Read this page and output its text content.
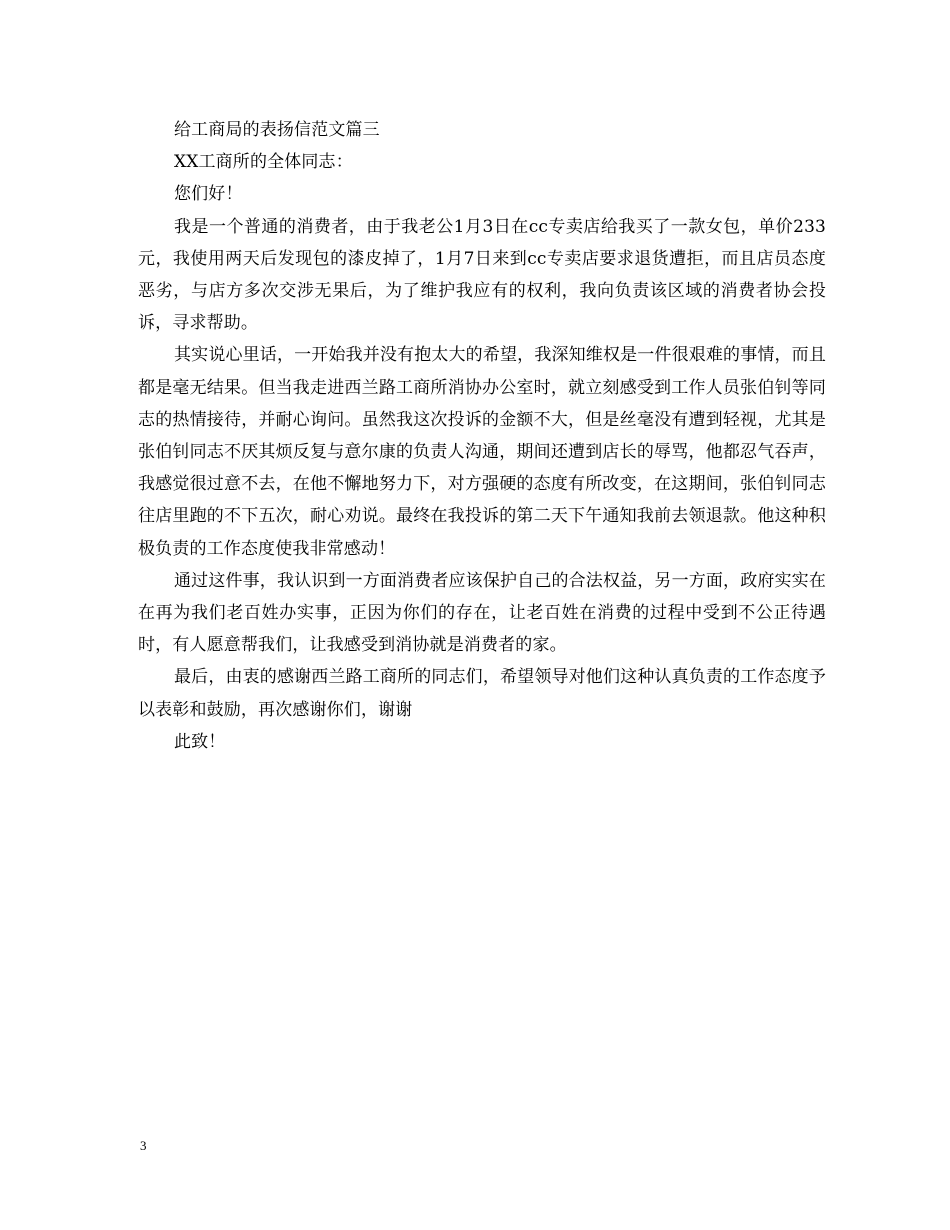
给工商局的表扬信范文篇三

XX工商所的全体同志：

您们好！

我是一个普通的消费者，由于我老公1月3日在cc专卖店给我买了一款女包，单价233元，我使用两天后发现包的漆皮掉了，1月7日来到cc专卖店要求退货遭拒，而且店员态度恶劣，与店方多次交涉无果后，为了维护我应有的权利，我向负责该区域的消费者协会投诉，寻求帮助。

其实说心里话，一开始我并没有抱太大的希望，我深知维权是一件很艰难的事情，而且都是毫无结果。但当我走进西兰路工商所消协办公室时，就立刻感受到工作人员张伯钊等同志的热情接待，并耐心询问。虽然我这次投诉的金额不大，但是丝毫没有遭到轻视，尤其是张伯钊同志不厌其烦反复与意尔康的负责人沟通，期间还遭到店长的辱骂，他都忍气吞声，我感觉很过意不去，在他不懈地努力下，对方强硬的态度有所改变，在这期间，张伯钊同志往店里跑的不下五次，耐心劝说。最终在我投诉的第二天下午通知我前去领退款。他这种积极负责的工作态度使我非常感动！

通过这件事，我认识到一方面消费者应该保护自己的合法权益，另一方面，政府实实在在再为我们老百姓办实事，正因为你们的存在，让老百姓在消费的过程中受到不公正待遇时，有人愿意帮我们，让我感受到消协就是消费者的家。

最后，由衷的感谢西兰路工商所的同志们，希望领导对他们这种认真负责的工作态度予以表彰和鼓励，再次感谢你们，谢谢

此致！

3
